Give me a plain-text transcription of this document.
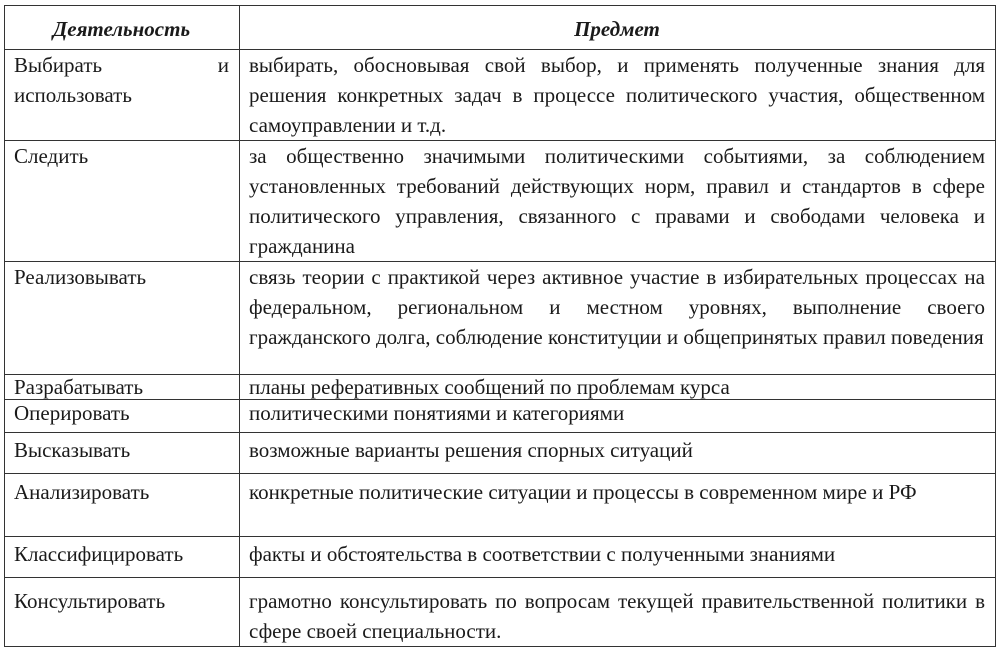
Деятельность	Предмет

Выбирать и использовать	выбирать, обосновывая свой выбор, и применять полученные знания для решения конкретных задач в процессе политического участия, общественном самоуправлении и т.д.
Следить	за общественно значимыми политическими событиями, за соблюдением установленных требований действующих норм, правил и стандартов в сфере политического управления, связанного с правами и свободами человека и гражданина
Реализовывать	связь теории с практикой через активное участие в избирательных процессах на федеральном, региональном и местном уровнях, выполнение своего гражданского долга, соблюдение конституции и общепринятых правил поведения
Разрабатывать	планы реферативных сообщений по проблемам курса
Оперировать	политическими понятиями и категориями
Высказывать	возможные варианты решения спорных ситуаций
Анализировать	конкретные политические ситуации и процессы в современном мире и РФ
Классифицировать	факты и обстоятельства в соответствии с полученными знаниями
Консультировать	грамотно консультировать по вопросам текущей правительственной политики в сфере своей специальности.
